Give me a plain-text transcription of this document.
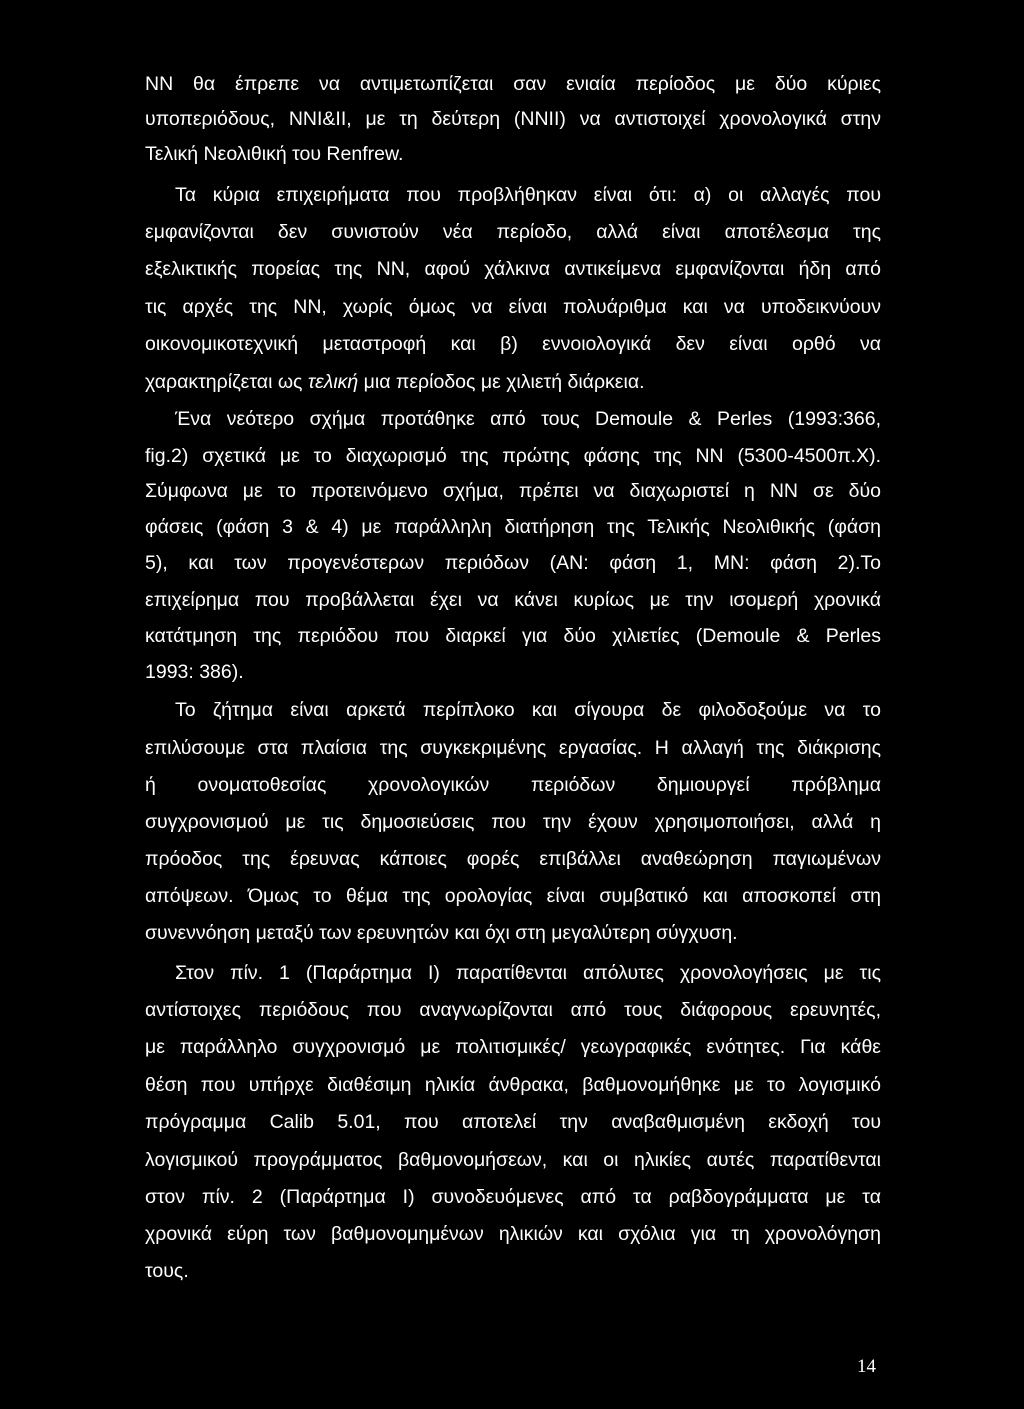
ΝΝ θα έπρεπε να αντιμετωπίζεται σαν ενιαία περίοδος με δύο κύριες
υποπεριόδους, ΝΝΙ&ΙΙ, με τη δεύτερη (ΝΝΙΙ) να αντιστοιχεί χρονολογικά στην
Τελική Νεολιθική του Renfrew.
Τα κύρια επιχειρήματα που προβλήθηκαν είναι ότι: α) οι αλλαγές που
εμφανίζονται δεν συνιστούν νέα περίοδο, αλλά είναι αποτέλεσμα της
εξελικτικής πορείας της ΝΝ, αφού χάλκινα αντικείμενα εμφανίζονται ήδη από
τις αρχές της ΝΝ, χωρίς όμως να είναι πολυάριθμα και να υποδεικνύουν
οικονομικοτεχνική μεταστροφή και β) εννοιολογικά δεν είναι ορθό να
χαρακτηρίζεται ως τελική μια περίοδος με χιλιετή διάρκεια.
Ένα νεότερο σχήμα προτάθηκε από τους Demoule & Perles (1993:366,
fig.2) σχετικά με το διαχωρισμό της πρώτης φάσης της ΝΝ (5300-4500π.Χ).
Σύμφωνα με το προτεινόμενο σχήμα, πρέπει να διαχωριστεί η ΝΝ σε δύο
φάσεις (φάση 3 & 4) με παράλληλη διατήρηση της Τελικής Νεολιθικής (φάση
5), και των προγενέστερων περιόδων (ΑΝ: φάση 1, ΜΝ: φάση 2).Το
επιχείρημα που προβάλλεται έχει να κάνει κυρίως με την ισομερή χρονικά
κατάτμηση της περιόδου που διαρκεί για δύο χιλιετίες (Demoule & Perles
1993: 386).
Το ζήτημα είναι αρκετά περίπλοκο και σίγουρα δε φιλοδοξούμε να το
επιλύσουμε στα πλαίσια της συγκεκριμένης εργασίας. Η αλλαγή της διάκρισης
ή ονοματοθεσίας χρονολογικών περιόδων δημιουργεί πρόβλημα
συγχρονισμού με τις δημοσιεύσεις που την έχουν χρησιμοποιήσει, αλλά η
πρόοδος της έρευνας κάποιες φορές επιβάλλει αναθεώρηση παγιωμένων
απόψεων. Όμως το θέμα της ορολογίας είναι συμβατικό και αποσκοπεί στη
συνεννόηση μεταξύ των ερευνητών και όχι στη μεγαλύτερη σύγχυση.
Στον πίν. 1 (Παράρτημα Ι) παρατίθενται απόλυτες χρονολογήσεις με τις
αντίστοιχες περιόδους που αναγνωρίζονται από τους διάφορους ερευνητές,
με παράλληλο συγχρονισμό με πολιτισμικές/ γεωγραφικές ενότητες. Για κάθε
θέση που υπήρχε διαθέσιμη ηλικία άνθρακα, βαθμονομήθηκε με το λογισμικό
πρόγραμμα Calib 5.01, που αποτελεί την αναβαθμισμένη εκδοχή του
λογισμικού προγράμματος βαθμονομήσεων, και οι ηλικίες αυτές παρατίθενται
στον πίν. 2 (Παράρτημα Ι) συνοδευόμενες από τα ραβδογράμματα με τα
χρονικά εύρη των βαθμονομημένων ηλικιών και σχόλια για τη χρονολόγηση
τους.
14
